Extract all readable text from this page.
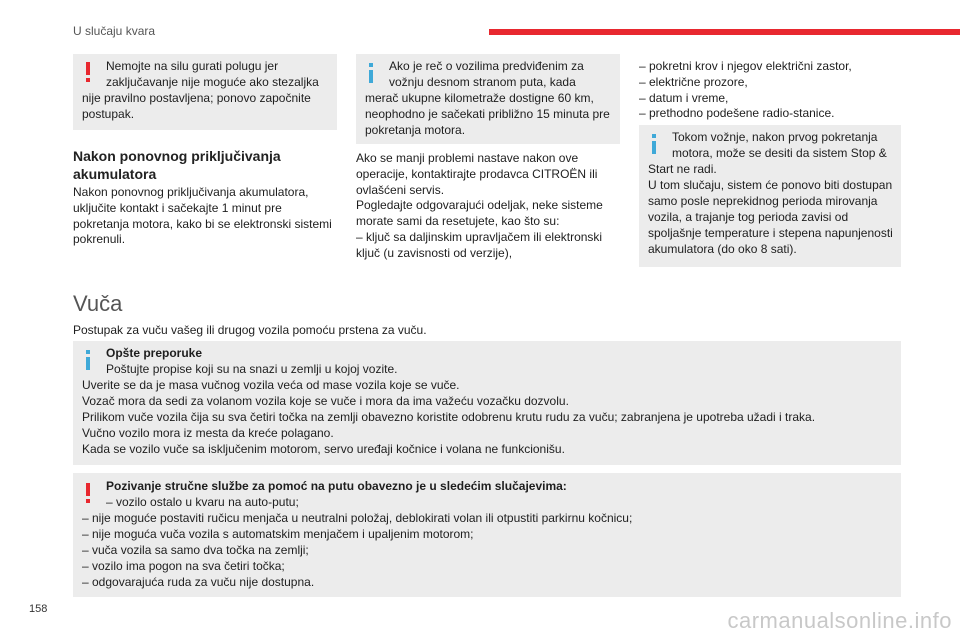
U slučaju kvara
Nemojte na silu gurati polugu jer
zaključavanje nije moguće ako stezaljka
nije pravilno postavljena; ponovo započnite
postupak.
Nakon ponovnog priključivanja
akumulatora
Nakon ponovnog priključivanja akumulatora,
uključite kontakt i sačekajte 1 minut pre
pokretanja motora, kako bi se elektronski sistemi
pokrenuli.
Ako je reč o vozilima predviđenim za
vožnju desnom stranom puta, kada
merač ukupne kilometraže dostigne 60 km,
neophodno je sačekati približno 15 minuta pre
pokretanja motora.
Ako se manji problemi nastave nakon ove
operacije, kontaktirajte prodavca CITROËN ili
ovlašćeni servis.
Pogledajte odgovarajući odeljak, neke sisteme
morate sami da resetujete, kao što su:
– ključ sa daljinskim upravljačem ili elektronski
ključ (u zavisnosti od verzije),
– pokretni krov i njegov električni zastor,
– električne prozore,
– datum i vreme,
– prethodno podešene radio-stanice.
Tokom vožnje, nakon prvog pokretanja
motora, može se desiti da sistem Stop &
Start ne radi.
U tom slučaju, sistem će ponovo biti dostupan
samo posle neprekidnog perioda mirovanja
vozila, a trajanje tog perioda zavisi od
spoljašnje temperature i stepena napunjenosti
akumulatora (do oko 8 sati).
Vuča
Postupak za vuču vašeg ili drugog vozila pomoću prstena za vuču.
Opšte preporuke
Poštujte propise koji su na snazi u zemlji u kojoj vozite.
Uverite se da je masa vučnog vozila veća od mase vozila koje se vuče.
Vozač mora da sedi za volanom vozila koje se vuče i mora da ima važeću vozačku dozvolu.
Prilikom vuče vozila čija su sva četiri točka na zemlji obavezno koristite odobrenu krutu rudu za vuču; zabranjena je upotreba užadi i traka.
Vučno vozilo mora iz mesta da kreće polagano.
Kada se vozilo vuče sa isključenim motorom, servo uređaji kočnice i volana ne funkcionišu.
Pozivanje stručne službe za pomoć na putu obavezno je u sledećim slučajevima:
– vozilo ostalo u kvaru na auto-putu;
– nije moguće postaviti ručicu menjača u neutralni položaj, deblokirati volan ili otpustiti parkirnu kočnicu;
– nije moguća vuča vozila s automatskim menjačem i upaljenim motorom;
– vuča vozila sa samo dva točka na zemlji;
– vozilo ima pogon na sva četiri točka;
– odgovarajuća ruda za vuču nije dostupna.
158	carmanualsonline.info
